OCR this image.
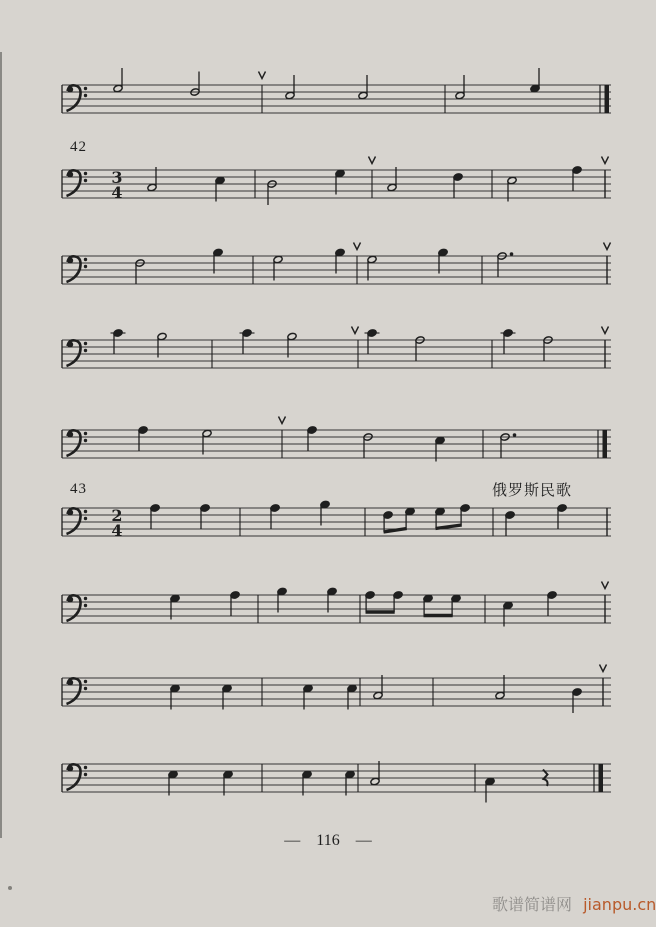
3
4
2
4
42
43	俄罗斯民歌
— 116 —
歌谱简谱网 jianpu.cn
